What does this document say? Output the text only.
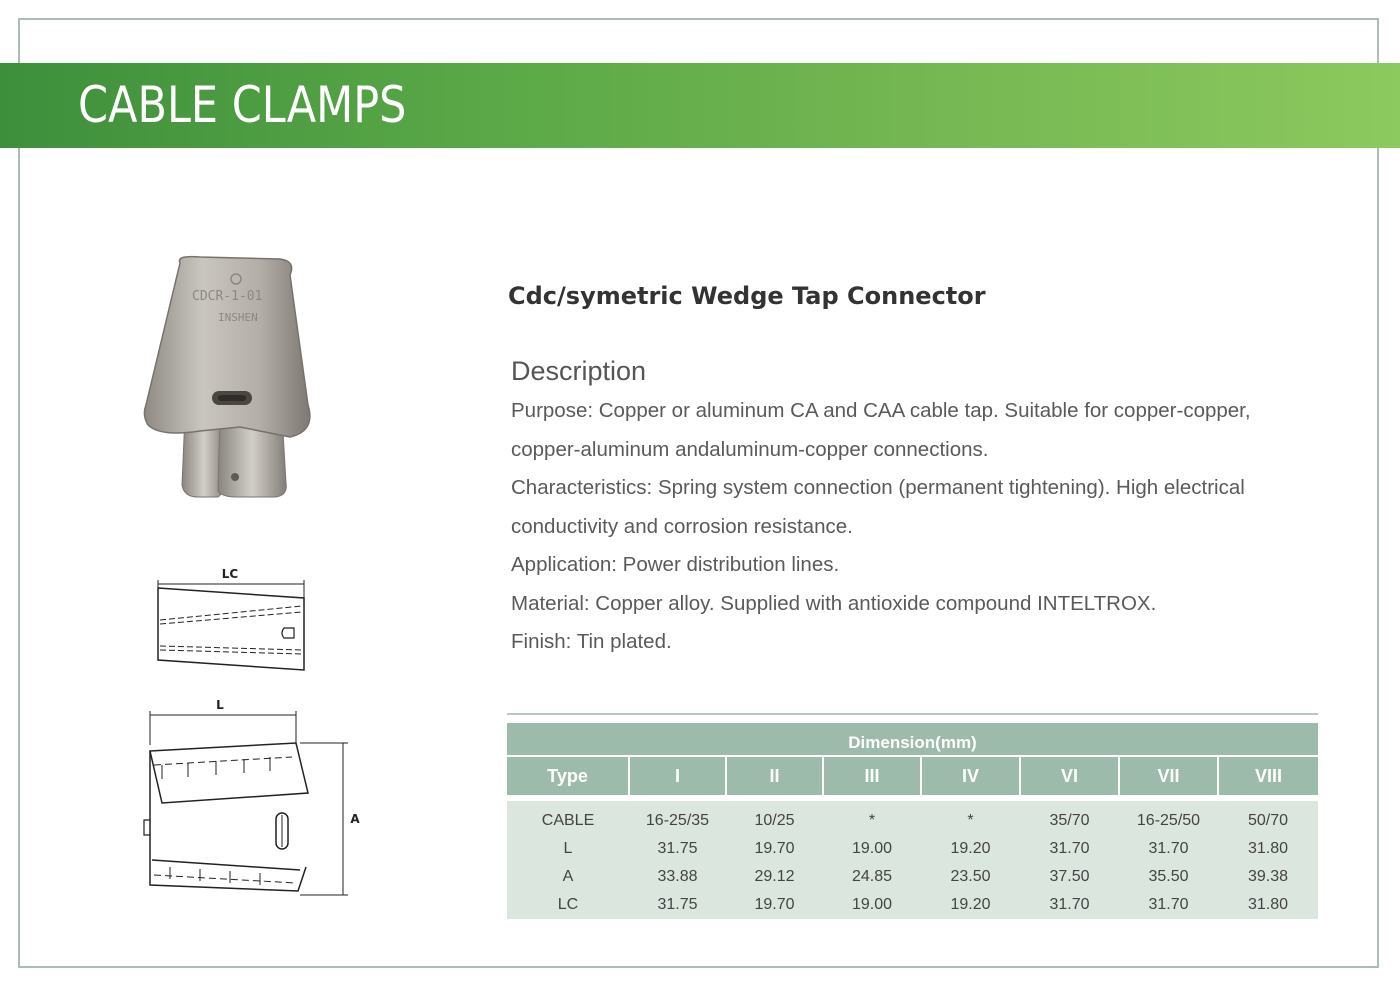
CABLE CLAMPS
CDCR-1-01
INSHEN
LC
L
A
Cdc/symetric Wedge Tap Connector
Description
Purpose: Copper or aluminum CA and CAA cable tap. Suitable for copper-copper,
copper-aluminum andaluminum-copper connections.
Characteristics: Spring system connection (permanent tightening). High electrical
conductivity and corrosion resistance.
Application: Power distribution lines.
Material: Copper alloy. Supplied with antioxide compound INTELTROX.
Finish: Tin plated.
Dimension(mm)
Type	I	II	III	IV	VI	VII	VIII

CABLE	16-25/35	10/25	*	*	35/70	16-25/50	50/70
L	31.75	19.70	19.00	19.20	31.70	31.70	31.80
A	33.88	29.12	24.85	23.50	37.50	35.50	39.38
LC	31.75	19.70	19.00	19.20	31.70	31.70	31.80
